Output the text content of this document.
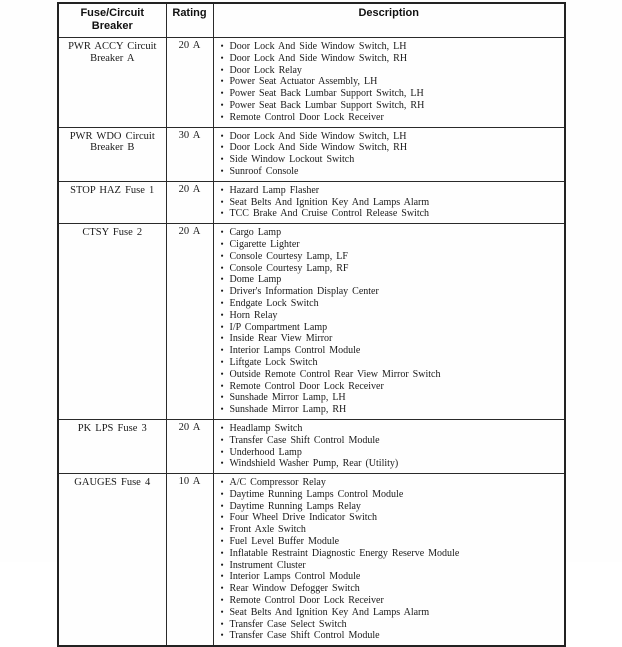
Fuse/Circuit
Breaker	Rating	Description

PWR ACCY Circuit
Breaker A
	20 A	• Door Lock And Side Window Switch, LH
• Door Lock And Side Window Switch, RH
• Door Lock Relay
• Power Seat Actuator Assembly, LH
• Power Seat Back Lumbar Support Switch, LH
• Power Seat Back Lumbar Support Switch, RH
• Remote Control Door Lock Receiver

PWR WDO Circuit
Breaker B
	30 A	• Door Lock And Side Window Switch, LH
• Door Lock And Side Window Switch, RH
• Side Window Lockout Switch
• Sunroof Console

STOP HAZ Fuse 1	20 A	• Hazard Lamp Flasher
• Seat Belts And Ignition Key And Lamps Alarm
• TCC Brake And Cruise Control Release Switch

CTSY Fuse 2	20 A	• Cargo Lamp
• Cigarette Lighter
• Console Courtesy Lamp, LF
• Console Courtesy Lamp, RF
• Dome Lamp
• Driver's Information Display Center
• Endgate Lock Switch
• Horn Relay
• I/P Compartment Lamp
• Inside Rear View Mirror
• Interior Lamps Control Module
• Liftgate Lock Switch
• Outside Remote Control Rear View Mirror Switch
• Remote Control Door Lock Receiver
• Sunshade Mirror Lamp, LH
• Sunshade Mirror Lamp, RH

PK LPS Fuse 3	20 A	• Headlamp Switch
• Transfer Case Shift Control Module
• Underhood Lamp
• Windshield Washer Pump, Rear (Utility)

GAUGES Fuse 4	10 A	• A/C Compressor Relay
• Daytime Running Lamps Control Module
• Daytime Running Lamps Relay
• Four Wheel Drive Indicator Switch
• Front Axle Switch
• Fuel Level Buffer Module
• Inflatable Restraint Diagnostic Energy Reserve Module
• Instrument Cluster
• Interior Lamps Control Module
• Rear Window Defogger Switch
• Remote Control Door Lock Receiver
• Seat Belts And Ignition Key And Lamps Alarm
• Transfer Case Select Switch
• Transfer Case Shift Control Module
